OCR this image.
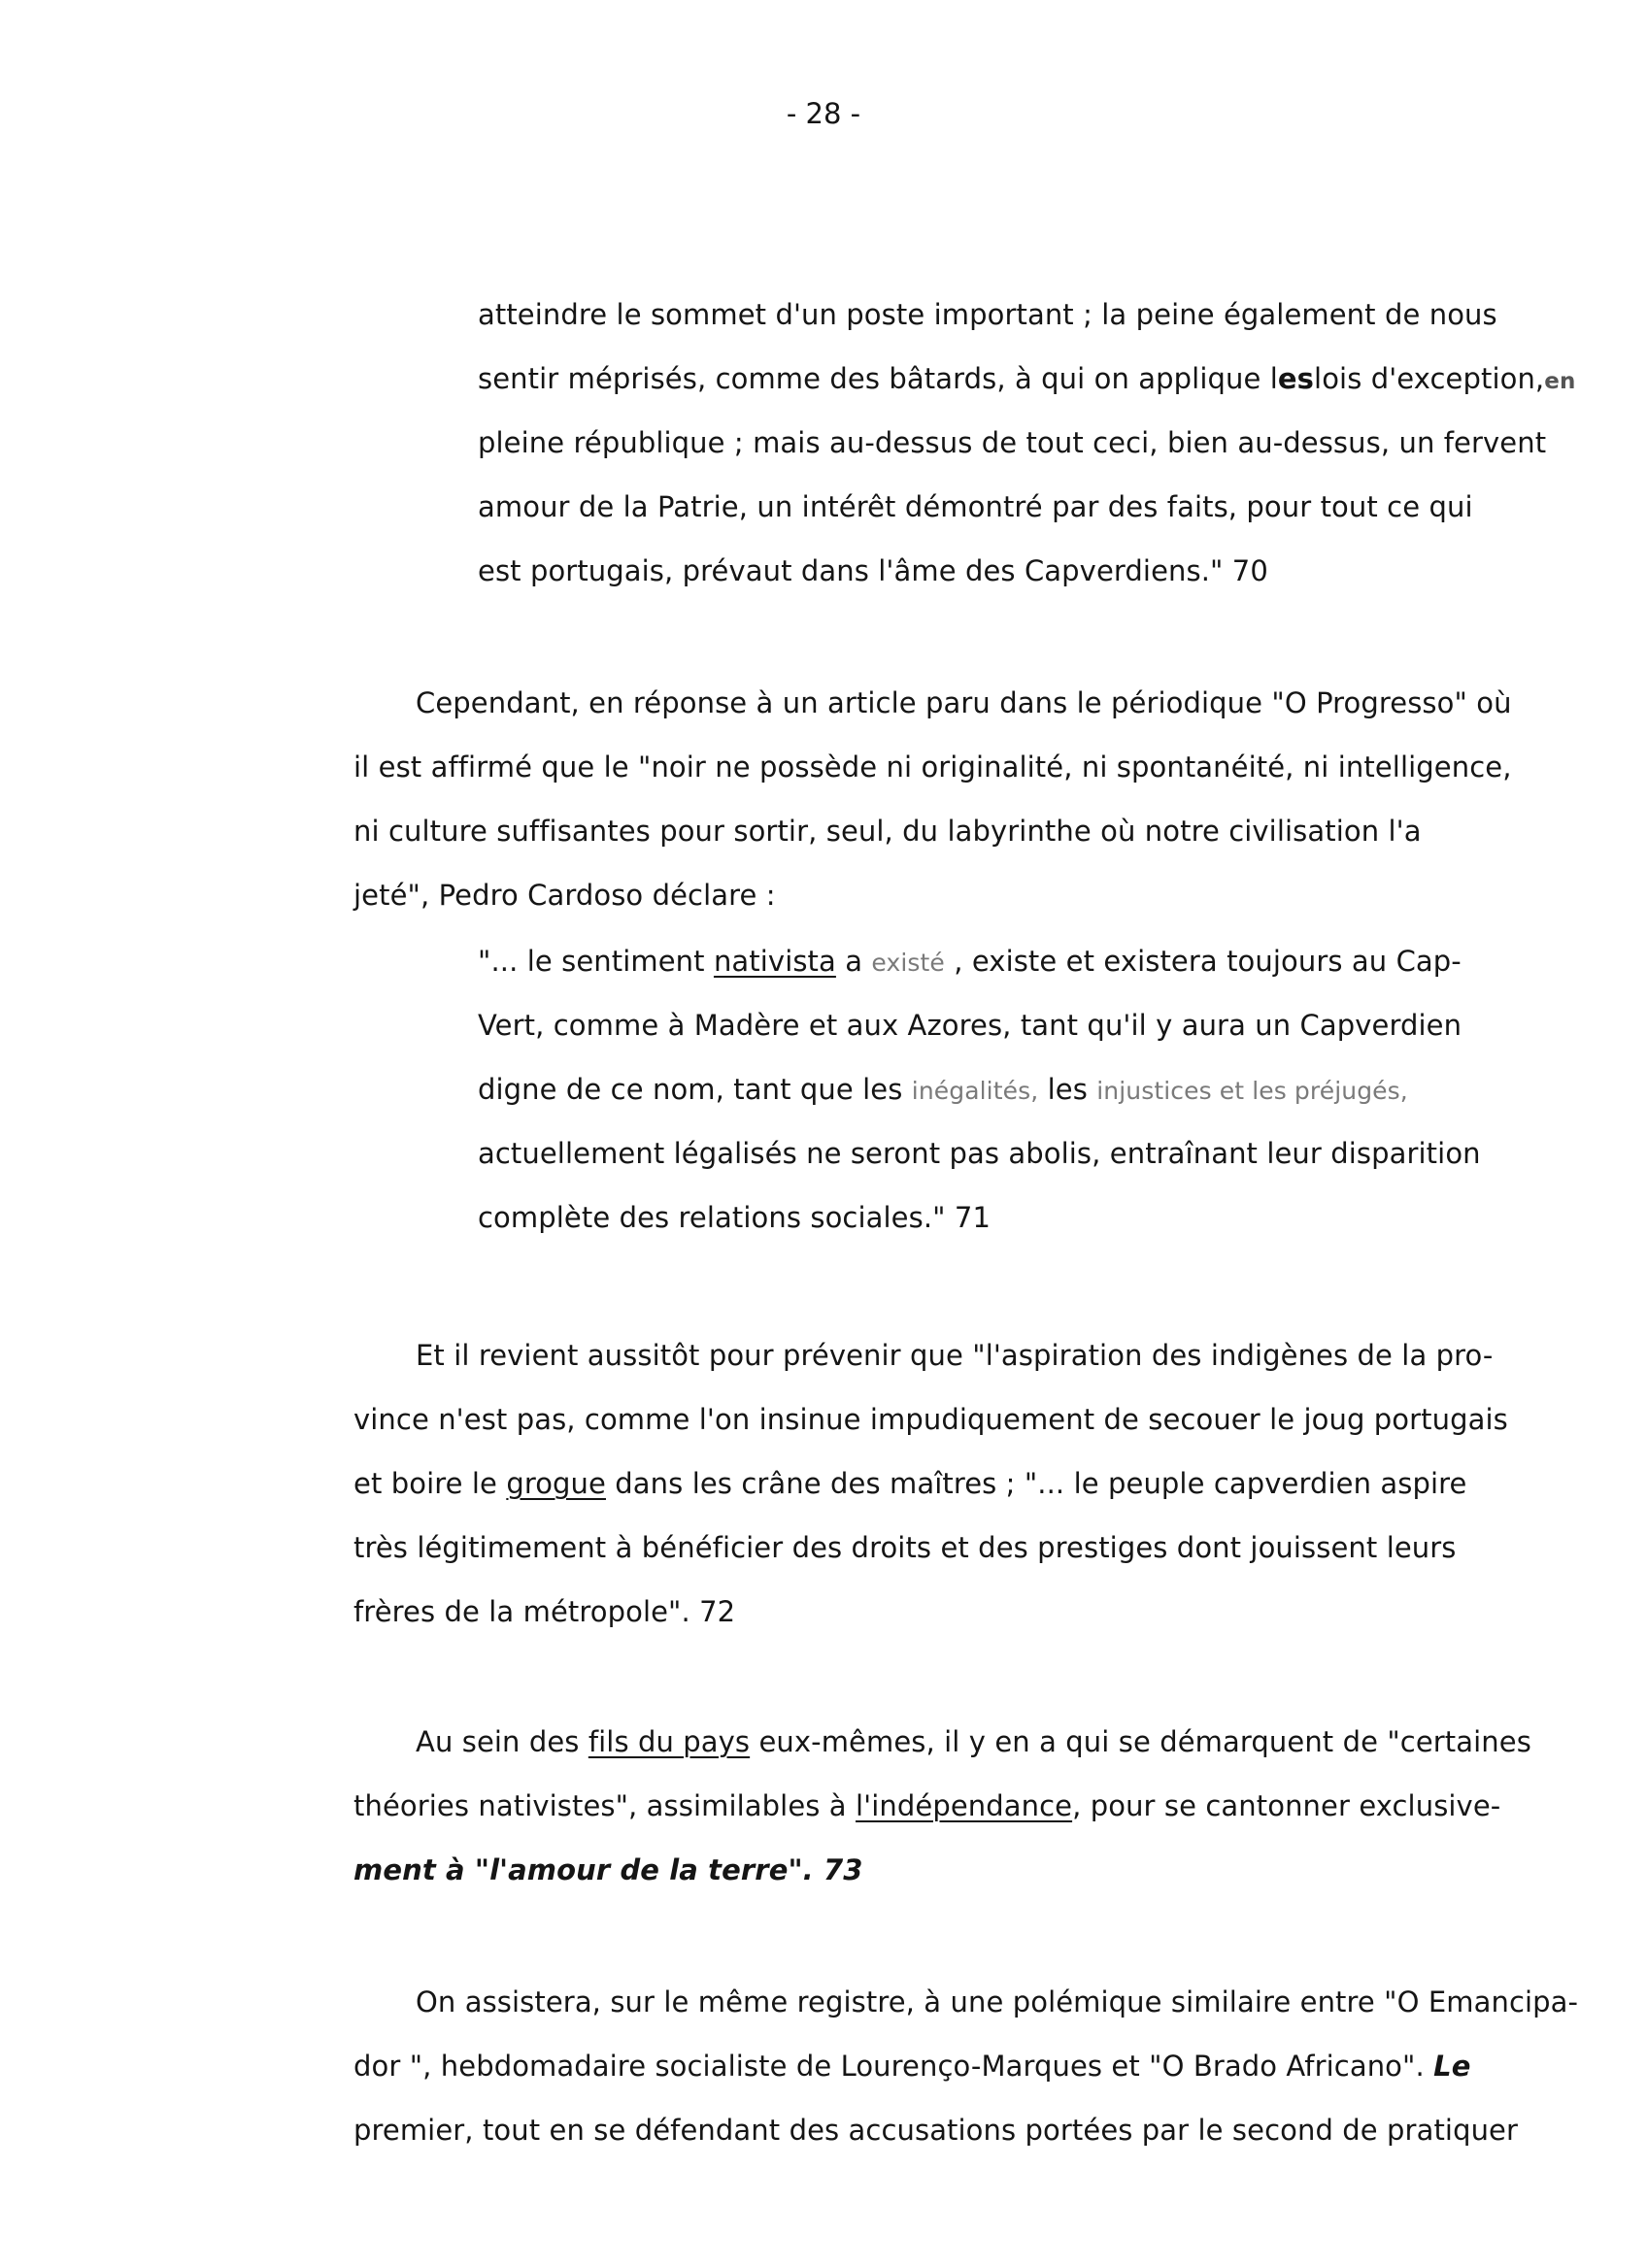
- 28 -
atteindre le sommet d'un poste important ; la peine également de nous
sentir méprisés, comme des bâtards, à qui on applique leslois d'exception,en
pleine république ; mais au-dessus de tout ceci, bien au-dessus, un fervent
amour de la Patrie, un intérêt démontré par des faits, pour tout ce qui
est portugais, prévaut dans l'âme des Capverdiens." 70
Cependant, en réponse à un article paru dans le périodique "O Progresso" où
il est affirmé que le "noir ne possède ni originalité, ni spontanéité, ni intelligence,
ni culture suffisantes pour sortir, seul, du labyrinthe où notre civilisation l'a
jeté", Pedro Cardoso déclare :
"... le sentiment nativista a existé , existe et existera toujours au Cap-
Vert, comme à Madère et aux Azores, tant qu'il y aura un Capverdien
digne de ce nom, tant que les inégalités, les injustices et les préjugés,
actuellement légalisés ne seront pas abolis, entraînant leur disparition
complète des relations sociales." 71
Et il revient aussitôt pour prévenir que "l'aspiration des indigènes de la pro-
vince n'est pas, comme l'on insinue impudiquement de secouer le joug portugais
et boire le grogue dans les crâne des maîtres ; "... le peuple capverdien aspire
très légitimement à bénéficier des droits et des prestiges dont jouissent leurs
frères de la métropole". 72
Au sein des fils du pays eux-mêmes, il y en a qui se démarquent de "certaines
théories nativistes", assimilables à l'indépendance, pour se cantonner exclusive-
ment à "l'amour de la terre". 73
On assistera, sur le même registre, à une polémique similaire entre "O Emancipa-
dor ", hebdomadaire socialiste de Lourenço-Marques et "O Brado Africano". Le
premier, tout en se défendant des accusations portées par le second de pratiquer
